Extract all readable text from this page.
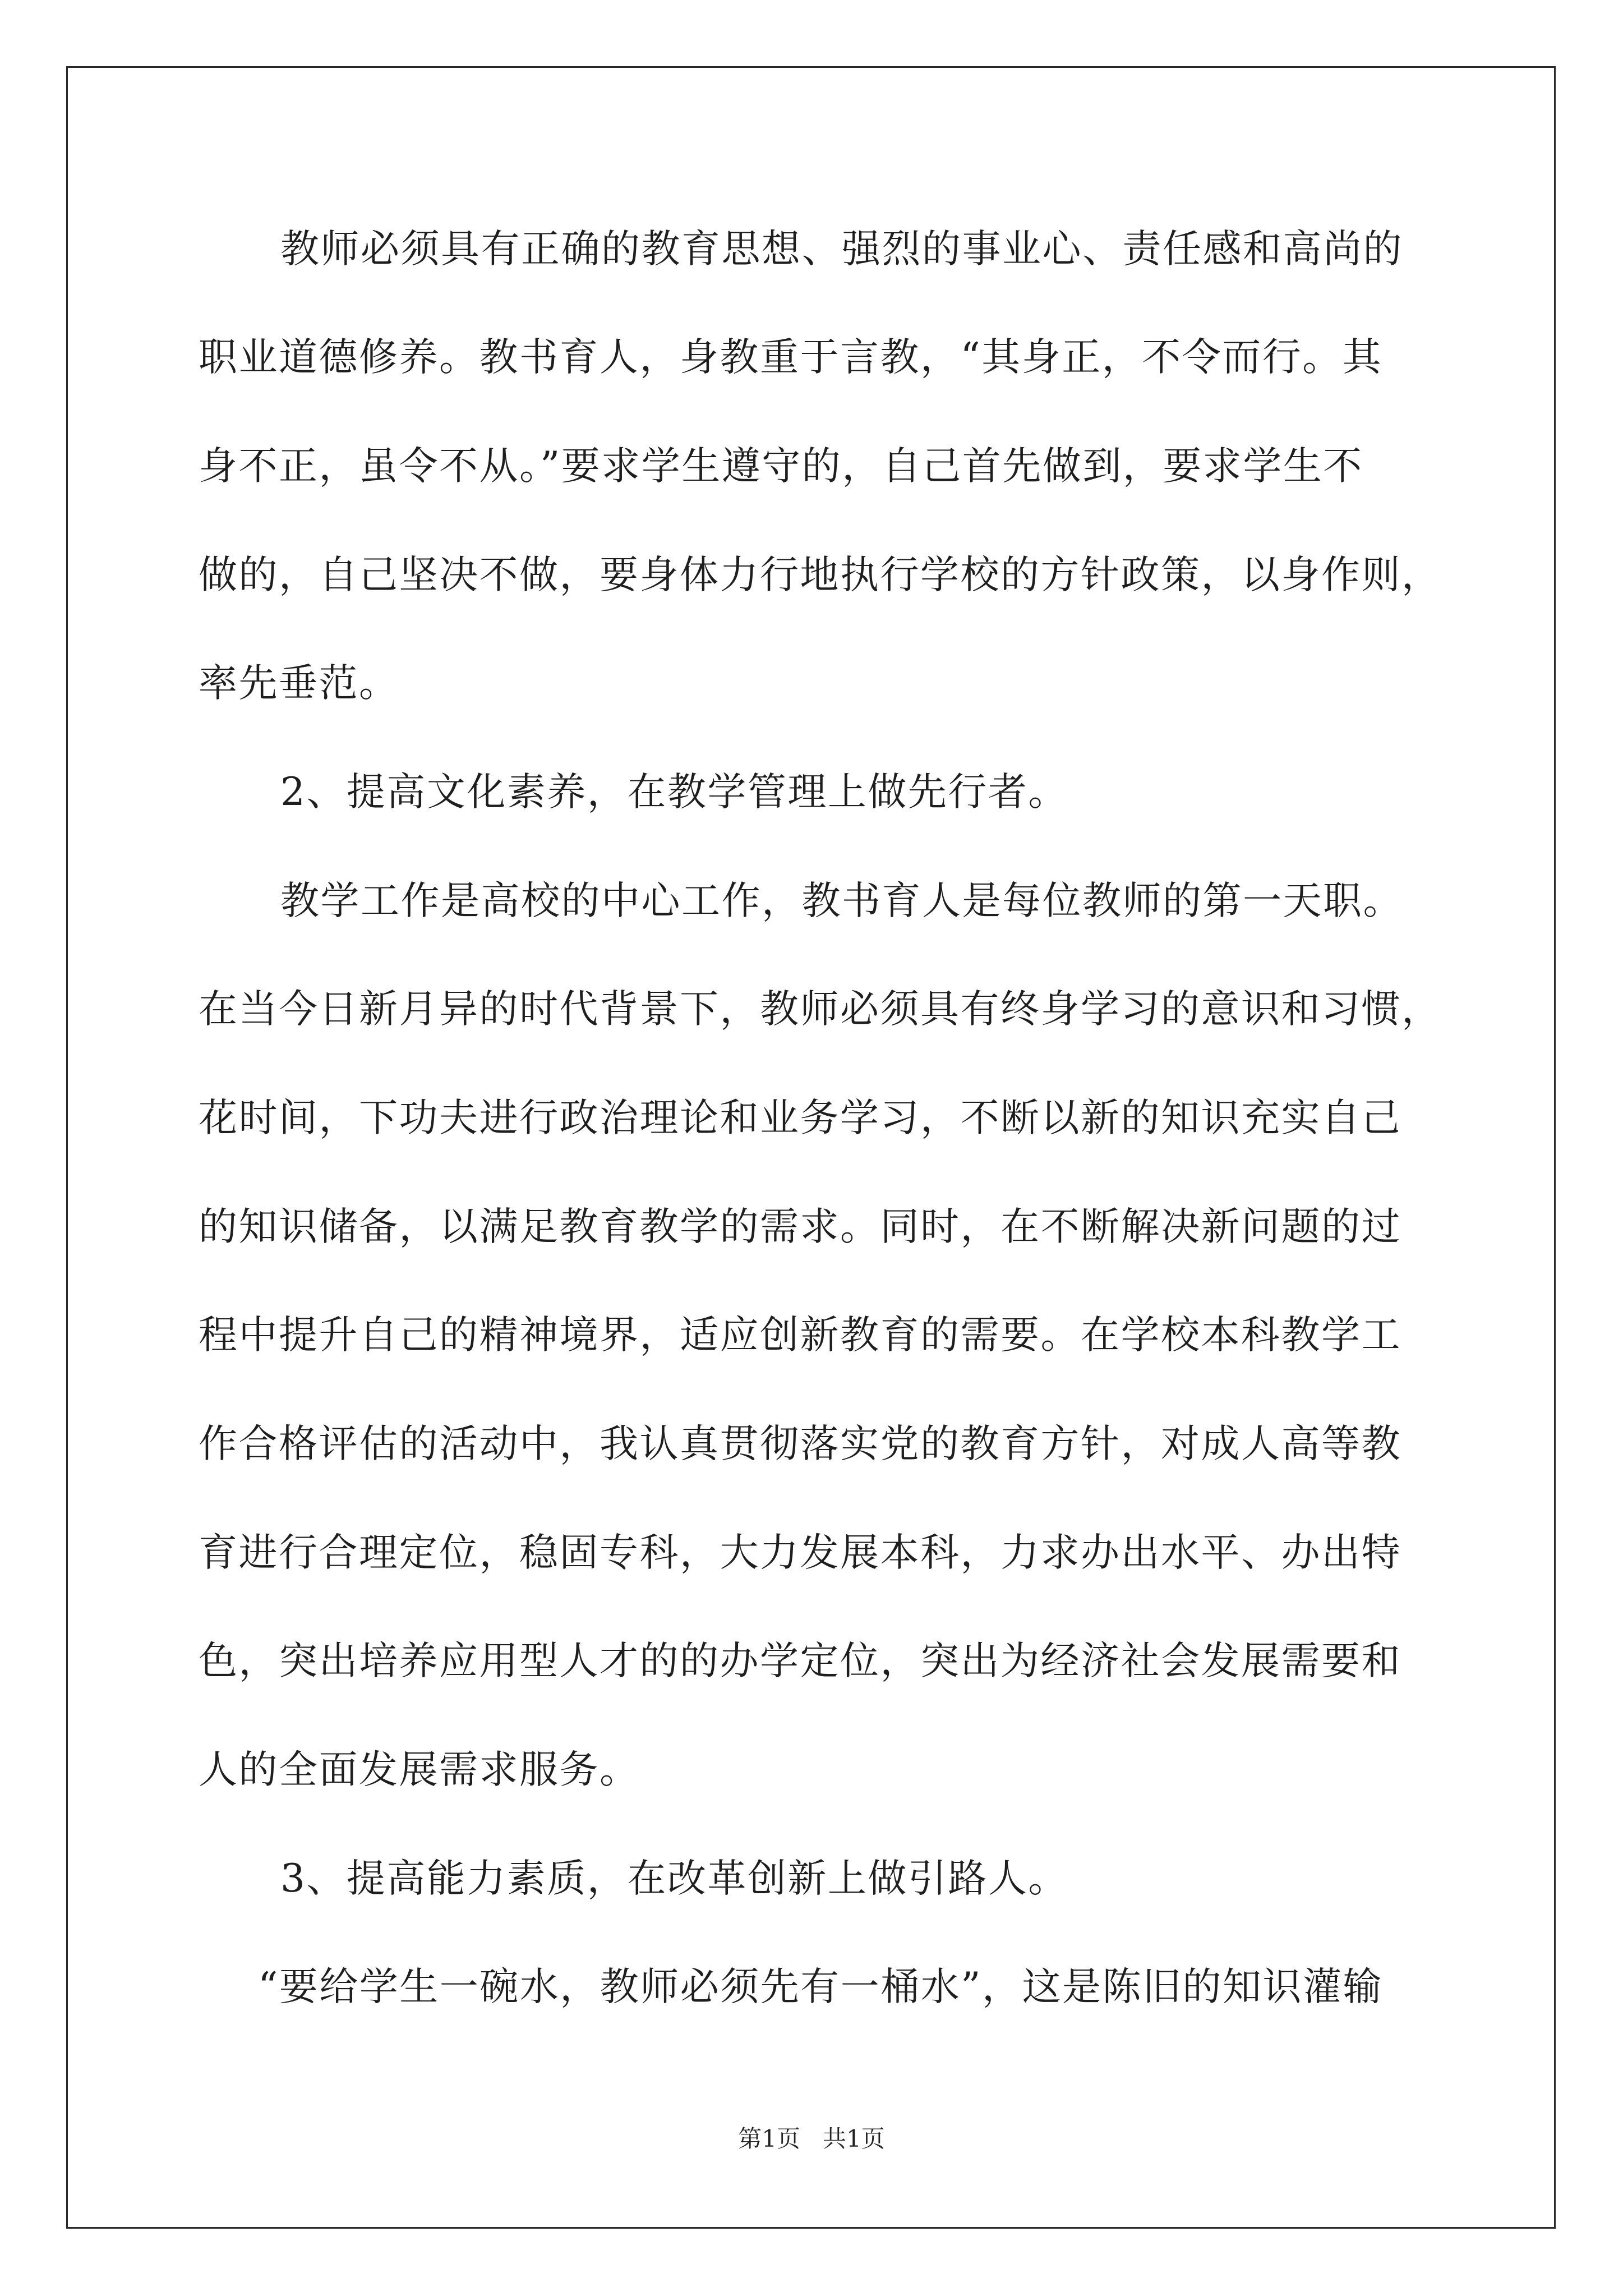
教师必须具有正确的教育思想、强烈的事业心、责任感和高尚的
职业道德修养。教书育人，身教重于言教，“其身正，不令而行。其
身不正，虽令不从。”要求学生遵守的，自己首先做到，要求学生不
做的，自己坚决不做，要身体力行地执行学校的方针政策，以身作则，
率先垂范。
2、提高文化素养，在教学管理上做先行者。
教学工作是高校的中心工作，教书育人是每位教师的第一天职。
在当今日新月异的时代背景下，教师必须具有终身学习的意识和习惯，
花时间，下功夫进行政治理论和业务学习，不断以新的知识充实自己
的知识储备，以满足教育教学的需求。同时，在不断解决新问题的过
程中提升自己的精神境界，适应创新教育的需要。在学校本科教学工
作合格评估的活动中，我认真贯彻落实党的教育方针，对成人高等教
育进行合理定位，稳固专科，大力发展本科，力求办出水平、办出特
色，突出培养应用型人才的的办学定位，突出为经济社会发展需要和
人的全面发展需求服务。
3、提高能力素质，在改革创新上做引路人。
“要给学生一碗水，教师必须先有一桶水”，这是陈旧的知识灌输
第1页   共1页
